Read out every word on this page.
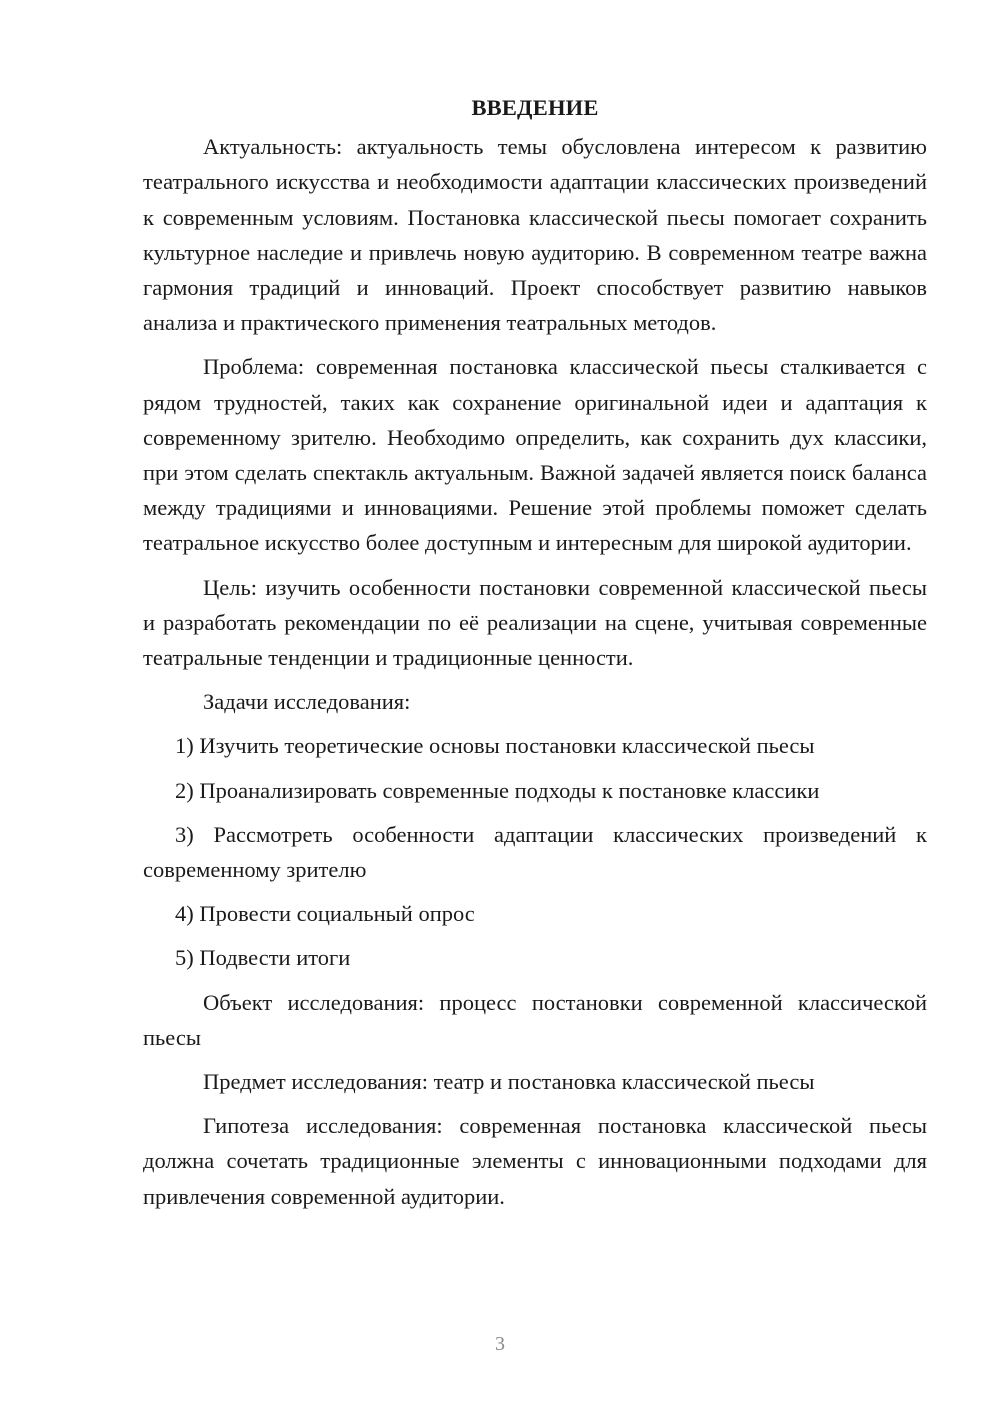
ВВЕДЕНИЕ

Актуальность: актуальность темы обусловлена интересом к развитию театрального искусства и необходимости адаптации классических произведений к современным условиям. Постановка классической пьесы помогает сохранить культурное наследие и привлечь новую аудиторию. В современном театре важна гармония традиций и инноваций. Проект способствует развитию навыков анализа и практического применения театральных методов.

Проблема: современная постановка классической пьесы сталкивается с рядом трудностей, таких как сохранение оригинальной идеи и адаптация к современному зрителю. Необходимо определить, как сохранить дух классики, при этом сделать спектакль актуальным. Важной задачей является поиск баланса между традициями и инновациями. Решение этой проблемы поможет сделать театральное искусство более доступным и интересным для широкой аудитории.

Цель: изучить особенности постановки современной классической пьесы и разработать рекомендации по её реализации на сцене, учитывая современные театральные тенденции и традиционные ценности.

Задачи исследования:

1) Изучить теоретические основы постановки классической пьесы

2) Проанализировать современные подходы к постановке классики

3) Рассмотреть особенности адаптации классических произведений к современному зрителю

4) Провести социальный опрос

5) Подвести итоги

Объект исследования: процесс постановки современной классической пьесы

Предмет исследования: театр и постановка классической пьесы

Гипотеза исследования: современная постановка классической пьесы должна сочетать традиционные элементы с инновационными подходами для привлечения современной аудитории.

3
